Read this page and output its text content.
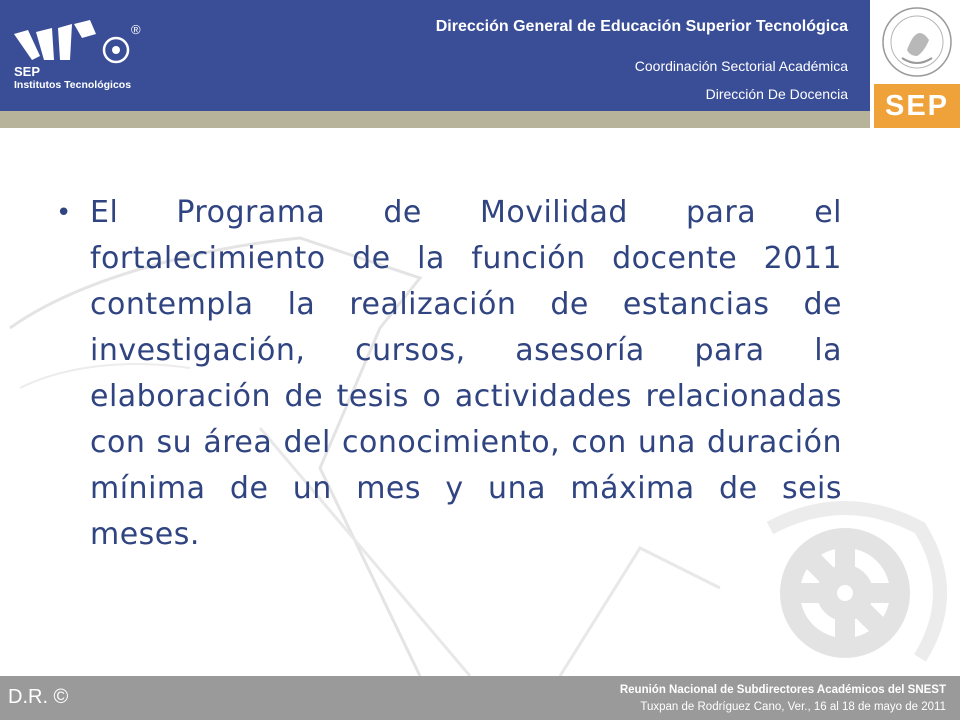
SEP
Institutos Tecnológicos
®	Dirección General de Educación Superior Tecnológica
Coordinación Sectorial Académica
Dirección De Docencia	SEP
• El Programa de Movilidad para el fortalecimiento de la función docente 2011 contempla la realización de estancias de investigación, cursos, asesoría para la elaboración de tesis o actividades relacionadas con su área del conocimiento, con una duración mínima de un mes y una máxima de seis meses.
D.R. ©	Reunión Nacional de Subdirectores Académicos del SNEST
Tuxpan de Rodríguez Cano, Ver., 16 al 18 de mayo de 2011
